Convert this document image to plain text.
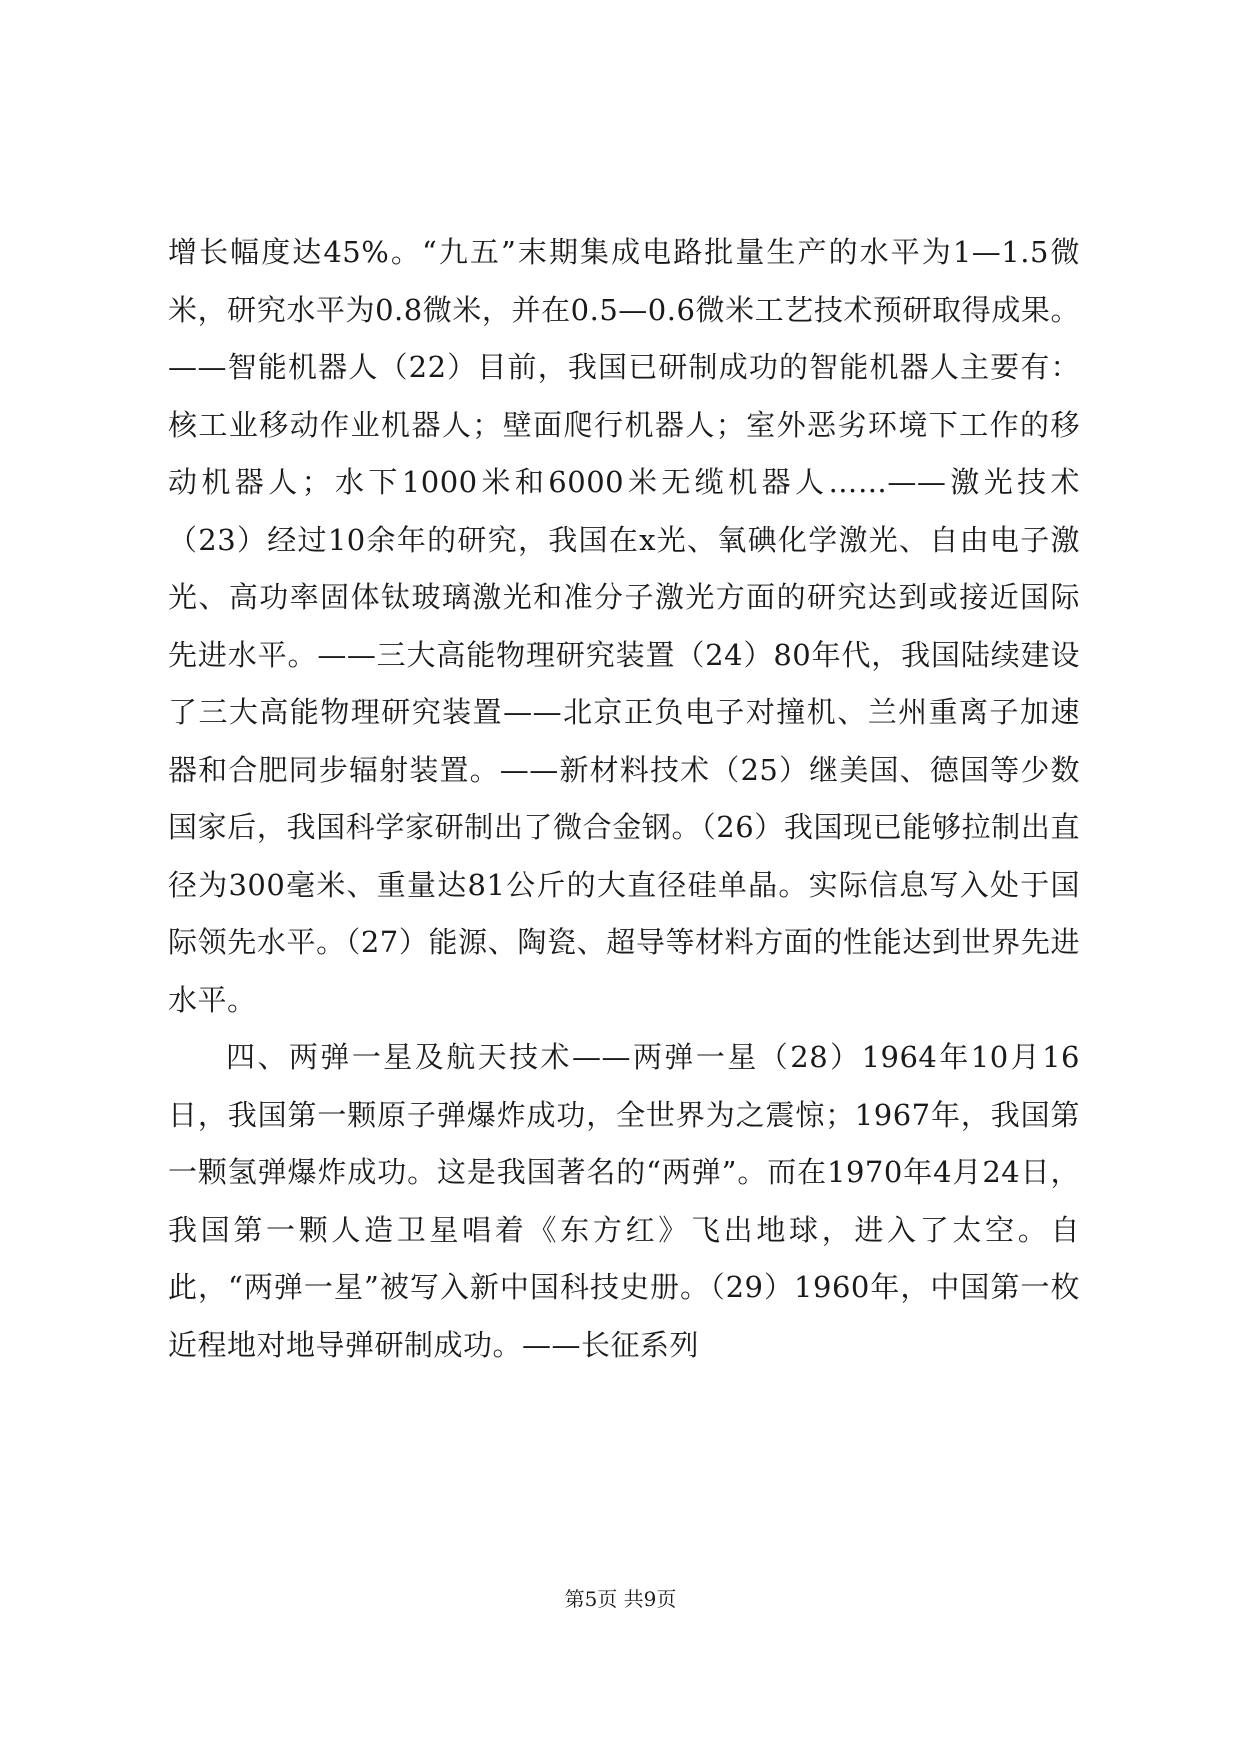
增长幅度达45%。“九五”末期集成电路批量生产的水平为1—1.5微米，研究水平为0.8微米，并在0.5—0.6微米工艺技术预研取得成果。——智能机器人（22）目前，我国已研制成功的智能机器人主要有：核工业移动作业机器人；壁面爬行机器人；室外恶劣环境下工作的移动机器人；水下1000米和6000米无缆机器人……——激光技术（23）经过10余年的研究，我国在x光、氧碘化学激光、自由电子激光、高功率固体钛玻璃激光和准分子激光方面的研究达到或接近国际先进水平。——三大高能物理研究装置（24）80年代，我国陆续建设了三大高能物理研究装置——北京正负电子对撞机、兰州重离子加速器和合肥同步辐射装置。——新材料技术（25）继美国、德国等少数国家后，我国科学家研制出了微合金钢。（26）我国现已能够拉制出直径为300毫米、重量达81公斤的大直径硅单晶。实际信息写入处于国际领先水平。（27）能源、陶瓷、超导等材料方面的性能达到世界先进水平。

四、两弹一星及航天技术——两弹一星（28）1964年10月16日，我国第一颗原子弹爆炸成功，全世界为之震惊；1967年，我国第一颗氢弹爆炸成功。这是我国著名的“两弹”。而在1970年4月24日，我国第一颗人造卫星唱着《东方红》飞出地球，进入了太空。自此，“两弹一星”被写入新中国科技史册。（29）1960年，中国第一枚近程地对地导弹研制成功。——长征系列

第5页 共9页
